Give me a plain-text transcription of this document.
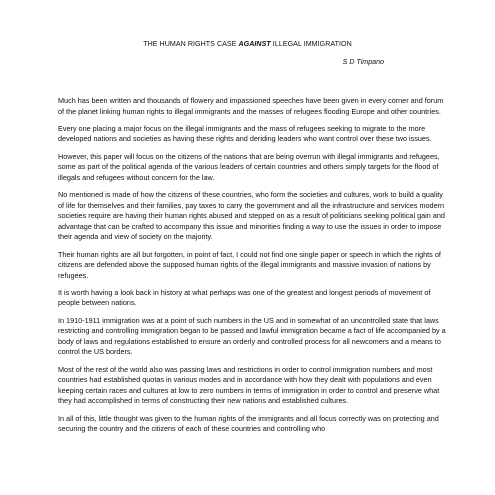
THE HUMAN RIGHTS CASE AGAINST ILLEGAL IMMIGRATION
S D Timpano

Much has been written and thousands of flowery and impassioned speeches have been given in every corner and forum of the planet linking human rights to illegal immigrants and the masses of refugees flooding Europe and other countries.

Every one placing a major focus on the illegal immigrants and the mass of refugees seeking to migrate to the more developed nations and societies as having these rights and deriding leaders who want control over these two issues.

However, this paper will focus on the citizens of the nations that are being overrun with illegal immigrants and refugees, some as part of the political agenda of the various leaders of certain countries and others simply targets for the flood of illegals and refugees without concern for the law.

No mentioned is made of how the citizens of these countries, who form the societies and cultures, work to build a quality of life for themselves and their families, pay taxes to carry the government and all the infrastructure and services modern societies require are having their human rights abused and stepped on as a result of politicians seeking political gain and advantage that can be crafted to accompany this issue and minorities finding a way to use the issues in order to impose their agenda and view of society on the majority.

Their human rights are all but forgotten, in point of fact, I could not find one single paper or speech in which the rights of citizens are defended above the supposed human rights of the illegal immigrants and massive invasion of nations by refugees.

It is worth having a look back in history at what perhaps was one of the greatest and longest periods of movement of people between nations.

In 1910-1911 immigration was at a point of such numbers in the US and in somewhat of an uncontrolled state that laws restricting and controlling immigration began to be passed and lawful immigration became a fact of life accompanied by a body of laws and regulations established to ensure an orderly and controlled process for all newcomers and a means to control the US borders.

Most of the rest of the world also was passing laws and restrictions in order to control immigration numbers and most countries had established quotas in various modes and in accordance with how they dealt with populations and even keeping certain races and cultures at low to zero numbers in terms of immigration in order to control and preserve what they had accomplished in terms of constructing their new nations and established cultures.

In all of this, little thought was given to the human rights of the immigrants and all focus correctly was on protecting and securing the country and the citizens of each of these countries and controlling who
